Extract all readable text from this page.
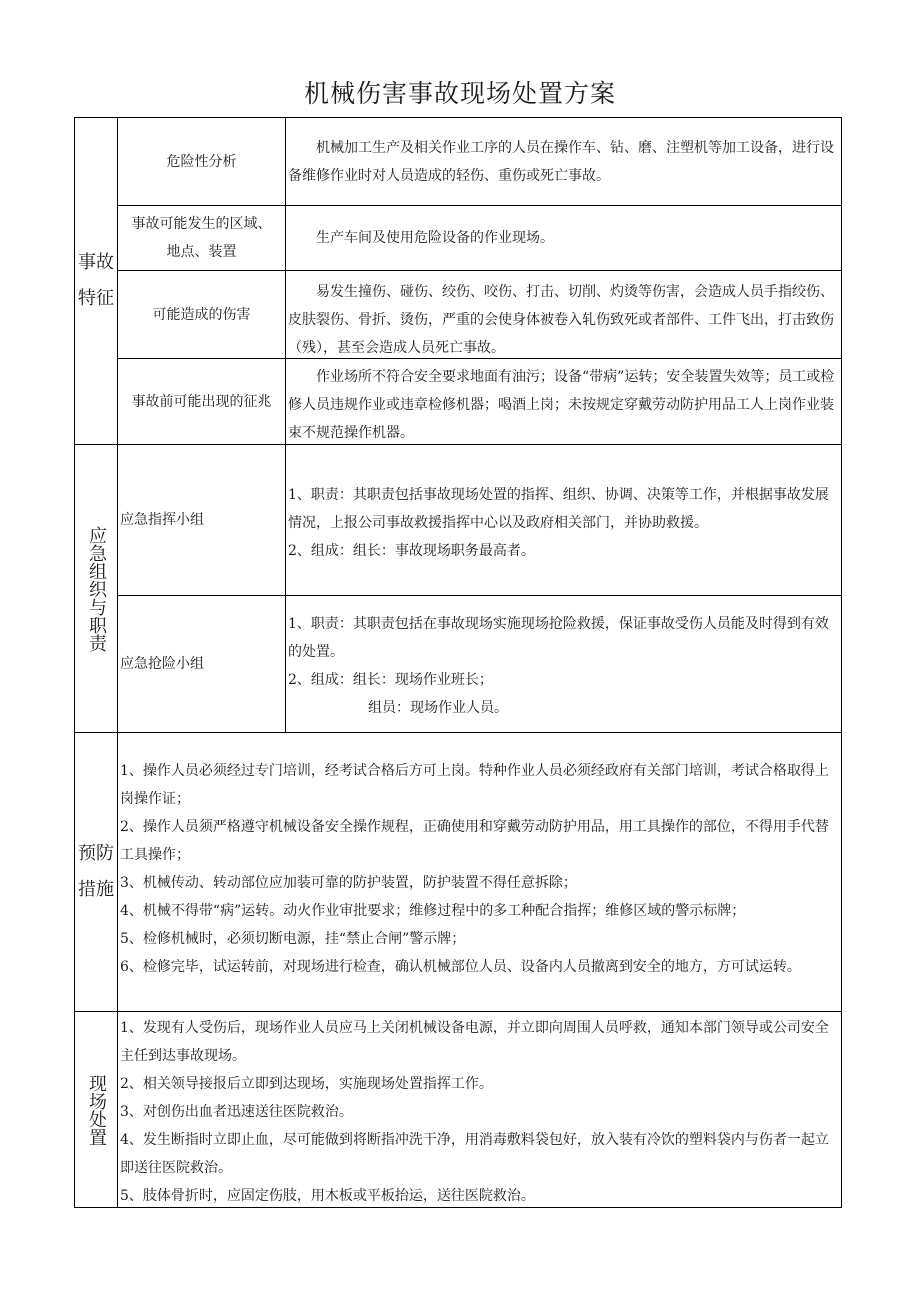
机械伤害事故现场处置方案
事故
特征
危险性分析
机械加工生产及相关作业工序的人员在操作车、钻、磨、注塑机等加工设备，进行设备维修作业时对人员造成的轻伤、重伤或死亡事故。
事故可能发生的区域、
地点、装置
生产车间及使用危险设备的作业现场。
可能造成的伤害
易发生撞伤、碰伤、绞伤、咬伤、打击、切削、灼烫等伤害，会造成人员手指绞伤、皮肤裂伤、骨折、烫伤，严重的会使身体被卷入轧伤致死或者部件、工件飞出，打击致伤（残），甚至会造成人员死亡事故。
事故前可能出现的征兆
作业场所不符合安全要求地面有油污；设备“带病”运转；安全装置失效等；员工或检修人员违规作业或违章检修机器；喝酒上岗；未按规定穿戴劳动防护用品工人上岗作业装束不规范操作机器。
应急组织与职责
应急指挥小组
1、职责：其职责包括事故现场处置的指挥、组织、协调、决策等工作，并根据事故发展情况，上报公司事故救援指挥中心以及政府相关部门，并协助救援。
2、组成：组长：事故现场职务最高者。
应急抢险小组
1、职责：其职责包括在事故现场实施现场抢险救援，保证事故受伤人员能及时得到有效的处置。
2、组成：组长：现场作业班长；
组员：现场作业人员。
预防
措施
1、操作人员必须经过专门培训，经考试合格后方可上岗。特种作业人员必须经政府有关部门培训，考试合格取得上岗操作证；
2、操作人员须严格遵守机械设备安全操作规程，正确使用和穿戴劳动防护用品，用工具操作的部位，不得用手代替工具操作；
3、机械传动、转动部位应加装可靠的防护装置，防护装置不得任意拆除；
4、机械不得带“病”运转。动火作业审批要求；维修过程中的多工种配合指挥；维修区域的警示标牌；
5、检修机械时，必须切断电源，挂“禁止合闸”警示牌；
6、检修完毕，试运转前，对现场进行检查，确认机械部位人员、设备内人员撤离到安全的地方，方可试运转。
现场处置
1、发现有人受伤后，现场作业人员应马上关闭机械设备电源，并立即向周围人员呼救，通知本部门领导或公司安全主任到达事故现场。
2、相关领导接报后立即到达现场，实施现场处置指挥工作。
3、对创伤出血者迅速送往医院救治。
4、发生断指时立即止血，尽可能做到将断指冲洗干净，用消毒敷料袋包好，放入装有冷饮的塑料袋内与伤者一起立即送往医院救治。
5、肢体骨折时，应固定伤肢，用木板或平板抬运，送往医院救治。
